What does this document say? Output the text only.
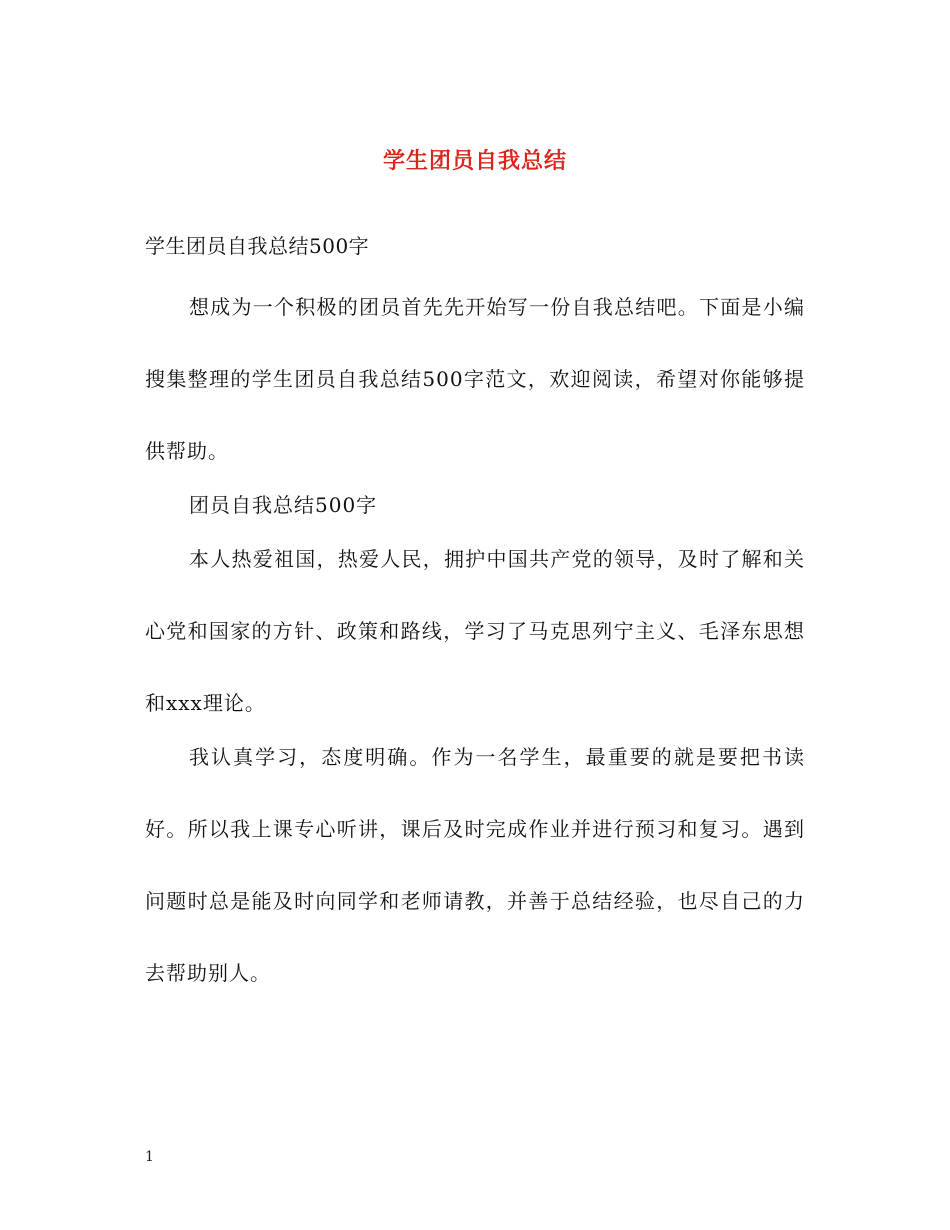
学生团员自我总结
学生团员自我总结500字

想成为一个积极的团员首先先开始写一份自我总结吧。下面是小编搜集整理的学生团员自我总结500字范文，欢迎阅读，希望对你能够提供帮助。

团员自我总结500字

本人热爱祖国，热爱人民，拥护中国共产党的领导，及时了解和关心党和国家的方针、政策和路线，学习了马克思列宁主义、毛泽东思想和xxx理论。

我认真学习，态度明确。作为一名学生，最重要的就是要把书读好。所以我上课专心听讲，课后及时完成作业并进行预习和复习。遇到问题时总是能及时向同学和老师请教，并善于总结经验，也尽自己的力去帮助别人。

1
